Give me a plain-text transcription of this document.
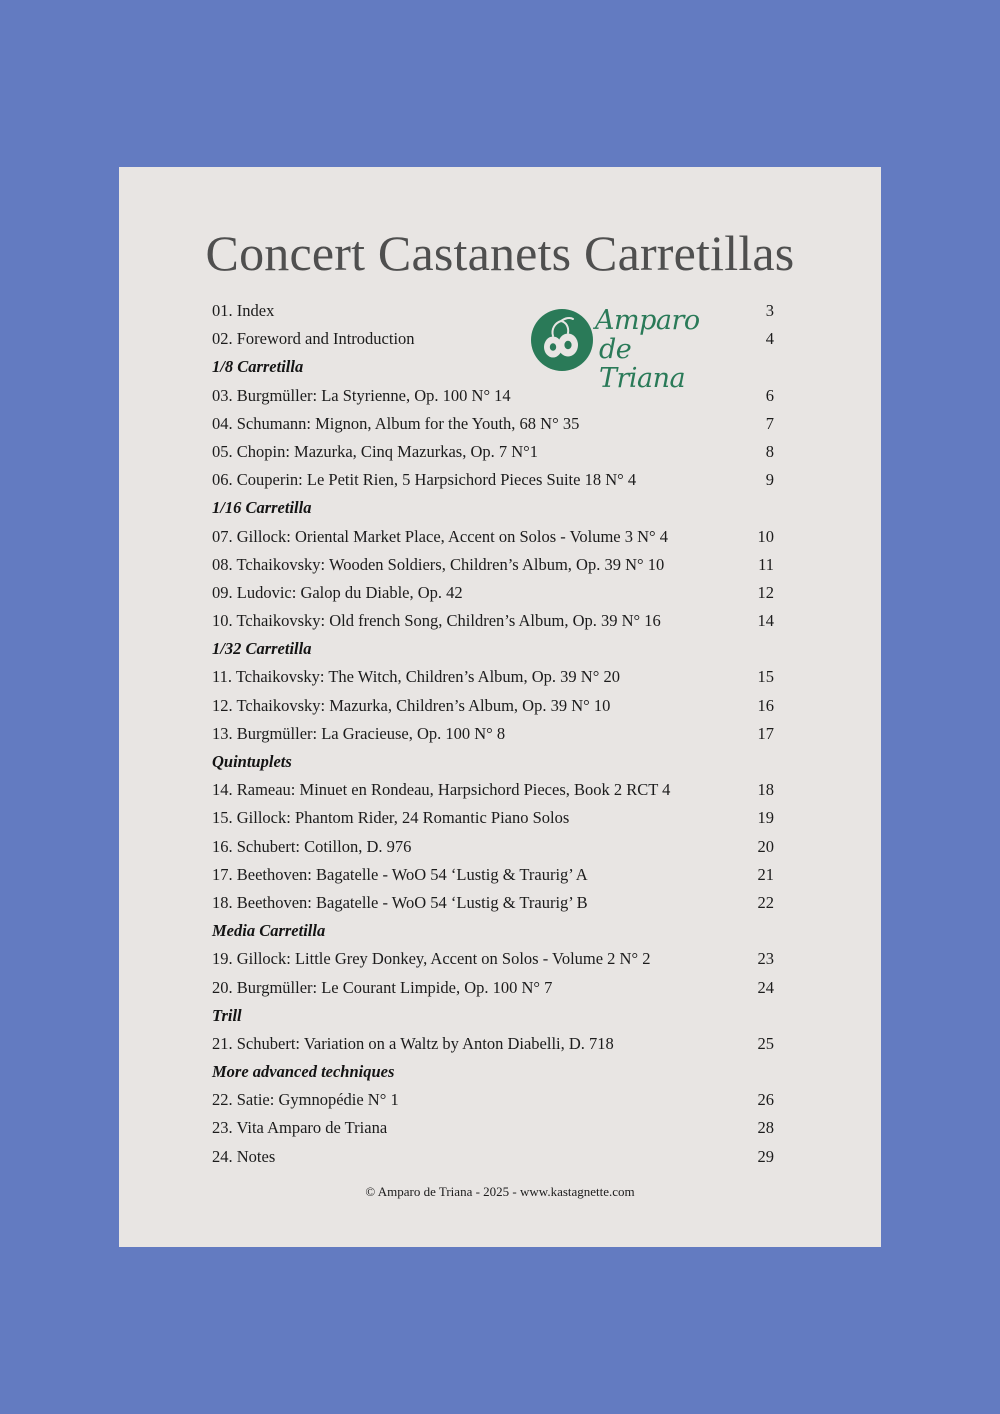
Concert Castanets Carretillas
01. Index	3
02. Foreword and Introduction	4
1/8 Carretilla
03. Burgmüller: La Styrienne, Op. 100 N° 14	6
04. Schumann: Mignon, Album for the Youth, 68 N° 35	7
05. Chopin: Mazurka, Cinq Mazurkas, Op. 7 N°1	8
06. Couperin: Le Petit Rien, 5 Harpsichord Pieces Suite 18 N° 4	9
1/16 Carretilla
07. Gillock: Oriental Market Place, Accent on Solos - Volume 3 N° 4	10
08. Tchaikovsky: Wooden Soldiers, Children’s Album, Op. 39 N° 10	11
09. Ludovic: Galop du Diable, Op. 42	12
10. Tchaikovsky: Old french Song, Children’s Album, Op. 39 N° 16	14
1/32 Carretilla
11. Tchaikovsky: The Witch, Children’s Album, Op. 39 N° 20	15
12. Tchaikovsky: Mazurka, Children’s Album, Op. 39 N° 10	16
13. Burgmüller: La Gracieuse, Op. 100 N° 8	17
Quintuplets
14. Rameau: Minuet en Rondeau, Harpsichord Pieces, Book 2 RCT 4	18
15. Gillock: Phantom Rider, 24 Romantic Piano Solos	19
16. Schubert: Cotillon, D. 976	20
17. Beethoven: Bagatelle - WoO 54 ‘Lustig & Traurig’ A	21
18. Beethoven: Bagatelle - WoO 54 ‘Lustig & Traurig’ B	22
Media Carretilla
19. Gillock: Little Grey Donkey, Accent on Solos - Volume 2 N° 2	23
20. Burgmüller: Le Courant Limpide, Op. 100 N° 7	24
Trill
21. Schubert: Variation on a Waltz by Anton Diabelli, D. 718	25
More advanced techniques
22. Satie: Gymnopédie N° 1	26
23. Vita Amparo de Triana	28
24. Notes	29
Amparo
de Triana
© Amparo de Triana - 2025 - www.kastagnette.com
